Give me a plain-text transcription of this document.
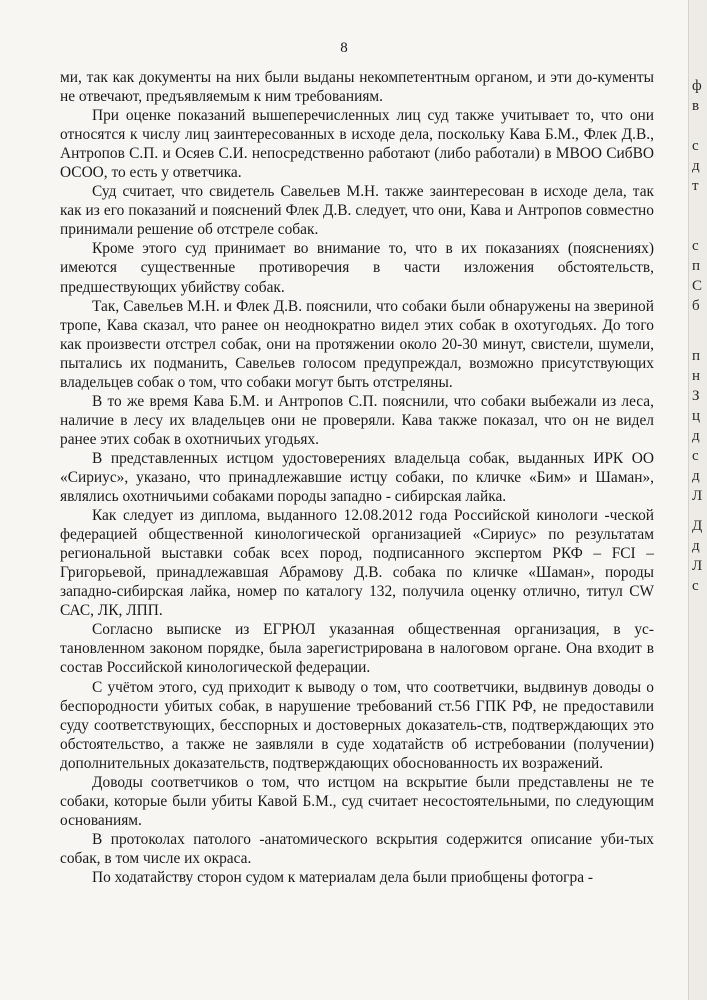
8

ми, так как документы на них были выданы некомпетентным органом, и эти до-кументы не отвечают, предъявляемым к ним требованиям.

При оценке показаний вышеперечисленных лиц суд также учитывает то, что они относятся к числу лиц заинтересованных в исходе дела, поскольку Кава Б.М., Флек Д.В., Антропов С.П. и Осяев С.И. непосредственно работают (либо работали) в МВОО СибВО ОСОО, то есть у ответчика.

Суд считает, что свидетель Савельев М.Н. также заинтересован в исходе дела, так как из его показаний и пояснений Флек Д.В. следует, что они, Кава и Антропов совместно принимали решение об отстреле собак.

Кроме этого суд принимает во внимание то, что в их показаниях (пояснениях) имеются существенные противоречия в части изложения обстоятельств, предшествующих убийству собак.

Так, Савельев М.Н. и Флек Д.В. пояснили, что собаки были обнаружены на звериной тропе, Кава сказал, что ранее он неоднократно видел этих собак в охотугодьях. До того как произвести отстрел собак, они на протяжении около 20-30 минут, свистели, шумели, пытались их подманить, Савельев голосом предупреждал, возможно присутствующих владельцев собак о том, что собаки могут быть отстреляны.

В то же время Кава Б.М. и Антропов С.П. пояснили, что собаки выбежали из леса, наличие в лесу их владельцев они не проверяли. Кава также показал, что он не видел ранее этих собак в охотничьих угодьях.

В представленных истцом удостоверениях владельца собак, выданных ИРК ОО «Сириус», указано, что принадлежавшие истцу собаки, по кличке «Бим» и Шаман», являлись охотничьими собаками породы западно - сибирская лайка.

Как следует из диплома, выданного 12.08.2012 года Российской кинологи -ческой федерацией общественной кинологической организацией «Сириус» по результатам региональной выставки собак всех пород, подписанного экспертом РКФ – FCI – Григорьевой, принадлежавшая Абрамову Д.В. собака по кличке «Шаман», породы западно-сибирская лайка, номер по каталогу 132, получила оценку отлично, титул CW САС, ЛК, ЛПП.

Согласно выписке из ЕГРЮЛ указанная общественная организация, в ус-тановленном законом порядке, была зарегистрирована в налоговом органе. Она входит в состав Российской кинологической федерации.

С учётом этого, суд приходит к выводу о том, что соответчики, выдвинув доводы о беспородности убитых собак, в нарушение требований ст.56 ГПК РФ, не предоставили суду соответствующих, бесспорных и достоверных доказатель-ств, подтверждающих это обстоятельство, а также не заявляли в суде ходатайств об истребовании (получении) дополнительных доказательств, подтверждающих обоснованность их возражений.

Доводы соответчиков о том, что истцом на вскрытие были представлены не те собаки, которые были убиты Кавой Б.М., суд считает несостоятельными, по следующим основаниям.

В протоколах патолого -анатомического вскрытия содержится описание уби-тых собак, в том числе их окраса.

По ходатайству сторон судом к материалам дела были приобщены фотогра -

ф
в
с
д
т
с
п
С
б
п
н
З
ц
д
с
д
Л
Д
д
Л
с
